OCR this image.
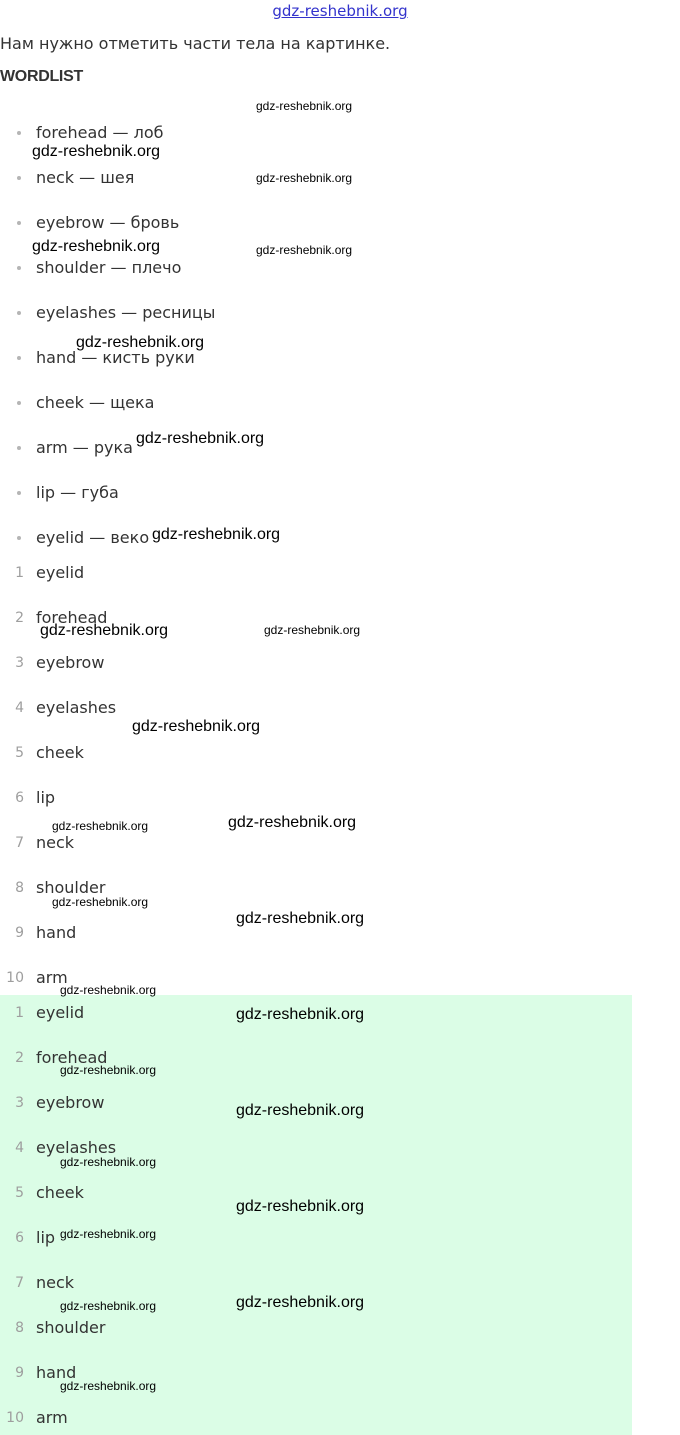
gdz-reshebnik.org
Нам нужно отметить части тела на картинке.
WORDLIST
forehead — лоб
neck — шея
eyebrow — бровь
shoulder — плечо
eyelashes — ресницы
hand — кисть руки
cheek — щека
arm — рука
lip — губа
eyelid — веко
1 eyelid
2 forehead
3 eyebrow
4 eyelashes
5 cheek
6 lip
7 neck
8 shoulder
9 hand
10 arm
1 eyelid
2 forehead
3 eyebrow
4 eyelashes
5 cheek
6 lip
7 neck
8 shoulder
9 hand
10 arm
gdz-reshebnik.org
gdz-reshebnik.org
gdz-reshebnik.org
gdz-reshebnik.org	gdz-reshebnik.org
gdz-reshebnik.org
gdz-reshebnik.org
gdz-reshebnik.org
gdz-reshebnik.org	gdz-reshebnik.org
gdz-reshebnik.org
gdz-reshebnik.org	gdz-reshebnik.org
gdz-reshebnik.org
gdz-reshebnik.org
gdz-reshebnik.org
gdz-reshebnik.org
gdz-reshebnik.org
gdz-reshebnik.org
gdz-reshebnik.org
gdz-reshebnik.org
gdz-reshebnik.org
gdz-reshebnik.org	gdz-reshebnik.org
gdz-reshebnik.org
